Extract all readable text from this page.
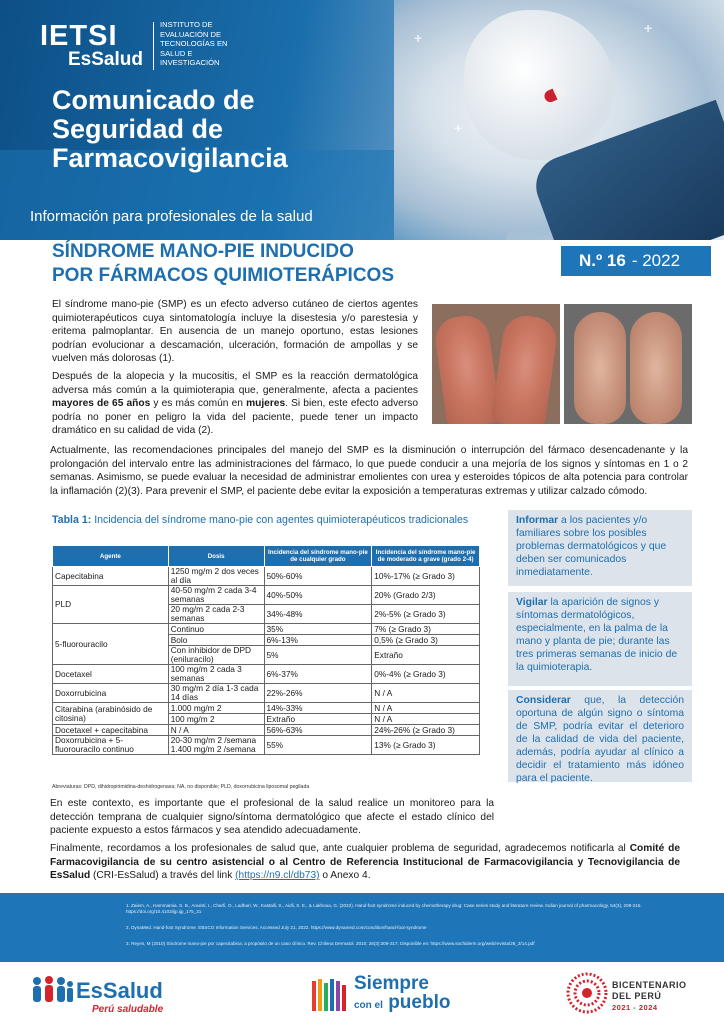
+
+
+
IETSI
EsSalud
INSTITUTO DE
EVALUACIÓN DE
TECNOLOGÍAS EN
SALUD E
INVESTIGACIÓN
Comunicado de
Seguridad de
Farmacovigilancia
Información para profesionales de la salud
SÍNDROME MANO-PIE INDUCIDO
POR FÁRMACOS QUIMIOTERÁPICOS
N.º 16 - 2022
El síndrome mano-pie (SMP) es un efecto adverso cutáneo de ciertos agentes quimioterapéuticos cuya sintomatología incluye la disestesia y/o parestesia y eritema palmoplantar. En ausencia de un manejo oportuno, estas lesiones podrían evolucionar a descamación, ulceración, formación de ampollas y se vuelven más dolorosas (1).
Después de la alopecia y la mucositis, el SMP es la reacción dermatológica adversa más común a la quimioterapia que, generalmente, afecta a pacientes mayores de 65 años y es más común en mujeres. Si bien, este efecto adverso podría no poner en peligro la vida del paciente, puede tener un impacto dramático en su calidad de vida (2).
Actualmente, las recomendaciones principales del manejo del SMP es la disminución o interrupción del fármaco desencadenante y la prolongación del intervalo entre las administraciones del fármaco, lo que puede conducir a una mejoría de los signos y síntomas en 1 o 2 semanas. Asimismo, se puede evaluar la necesidad de administrar emolientes con urea y esteroides tópicos de alta potencia para controlar la inflamación (2)(3). Para prevenir el SMP, el paciente debe evitar la exposición a temperaturas extremas y utilizar calzado cómodo.
Tabla 1: Incidencia del síndrome mano-pie con agentes quimioterapéuticos tradicionales
Agente	Dosis	Incidencia del síndrome mano-pie de cualquier grado	Incidencia del síndrome mano-pie de moderado a grave (grado 2-4)
Capecitabina	1250 mg/m 2 dos veces al día	50%-60%	10%-17% (≥ Grado 3)
PLD	40-50 mg/m 2 cada 3-4 semanas	40%-50%	20% (Grado 2/3)
	20 mg/m 2 cada 2-3 semanas	34%-48%	2%-5% (≥ Grado 3)
5-fluorouracilo	Continuo	35%	7% (≥ Grado 3)
	Bolo	6%-13%	0,5% (≥ Grado 3)
	Con inhibidor de DPD (eniluracilo)	5%	Extraño
Docetaxel	100 mg/m 2 cada 3 semanas	6%-37%	0%-4% (≥ Grado 3)
Doxorrubicina	30 mg/m 2 día 1-3 cada 14 días	22%-26%	N / A
Citarabina (arabinósido de citosina)	1.000 mg/m 2	14%-33%	N / A
	100 mg/m 2	Extraño	N / A
Docetaxel + capecitabina	N / A	56%-63%	24%-26% (≥ Grado 3)
Doxorrubicina + 5-fluorouracilo continuo	20-30 mg/m 2 /semana 1.400 mg/m 2 /semana	55%	13% (≥ Grado 3)
Abreviaturas: DPD, dihidropirimidina-deshidrogenasa; NA, no disponible; PLD, doxorrubicina liposomal pegilada
Informar a los pacientes y/o familiares sobre los posibles problemas dermatológicos y que deben ser comunicados inmediatamente.
Vigilar la aparición de signos y síntomas dermatológicos, especialmente, en la palma de la mano y planta de pie; durante las tres primeras semanas de inicio de la quimioterapia.
Considerar que, la detección oportuna de algún signo o síntoma de SMP, podría evitar el deterioro de la calidad de vida del paciente, además, podría ayudar al clínico a decidir el tratamiento más idóneo para el paciente.
En este contexto, es importante que el profesional de la salud realice un monitoreo para la detección temprana de cualquier signo/síntoma dermatológico que afecte el estado clínico del paciente expuesto a estos fármacos y sea atendido adecuadamente.
Finalmente, recordamos a los profesionales de salud que, ante cualquier problema de seguridad, agradecemos notificarla al Comité de Farmacovigilancia de su centro asistencial o al Centro de Referencia Institucional de Farmacovigilancia y Tecnovigilancia de EsSalud (CRI-EsSalud) a través del link (https://n9.cl/db73) o Anexo 4.
1. Zaiem, A., Hammamia, S. B., Aouinti, I., Charfi, O., Ladhari, W., Kastalli, S., Aidli, S. E., & Lakhoua, G. (2022). Hand-foot syndrome induced by chemotherapy drug: Case series study and literature review. Indian journal of pharmacology, 54(3), 208-215. https://doi.org/10.4103/ijp.ijp_175_21
2. DynaMed. Hand-foot Syndrome. EBSCO Information Services. Accessed July 21, 2022. https://www.dynamed.com/condition/hand-foot-syndrome
3. Reyes, M (2010) Síndrome mano-pie por capecitabina: a propósito de un caso clínico. Rev. Chilena Dermatol. 2010; 26(3):309-317. Disponible en: https://www.sochiderm.org/web/revista/26_3/14.pdf
EsSalud
Perú saludable
Siempre
con el pueblo
BICENTENARIO
DEL PERÚ
2021 - 2024
